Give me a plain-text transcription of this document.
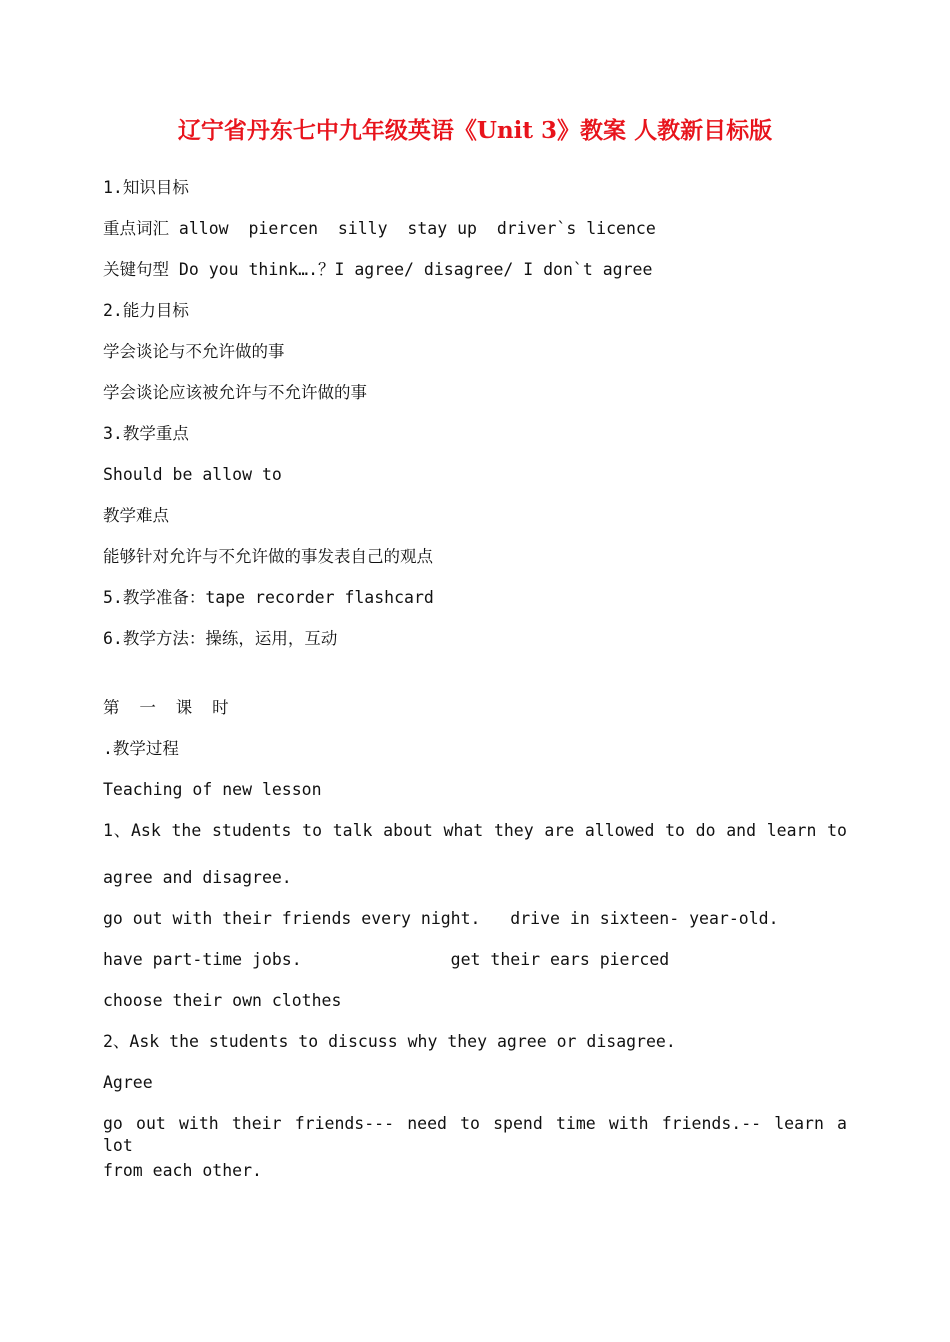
辽宁省丹东七中九年级英语《Unit 3》教案 人教新目标版
1.知识目标
重点词汇 allow  piercen  silly  stay up  driver`s licence
关键句型 Do you think….？I agree/ disagree/ I don`t agree
2.能力目标
学会谈论与不允许做的事
学会谈论应该被允许与不允许做的事
3.教学重点
Should be allow to
教学难点
能够针对允许与不允许做的事发表自己的观点
5.教学准备：tape recorder flashcard
6.教学方法：操练，运用，互动
第  一  课  时
.教学过程
Teaching of new lesson
1、Ask the students to talk about what they are allowed to do and learn to
agree and disagree.
go out with their friends every night.   drive in sixteen- year-old.
have part-time jobs.               get their ears pierced
choose their own clothes
2、Ask the students to discuss why they agree or disagree.
Agree
go out with their friends--- need to spend time with friends.-- learn a lot
from each other.
